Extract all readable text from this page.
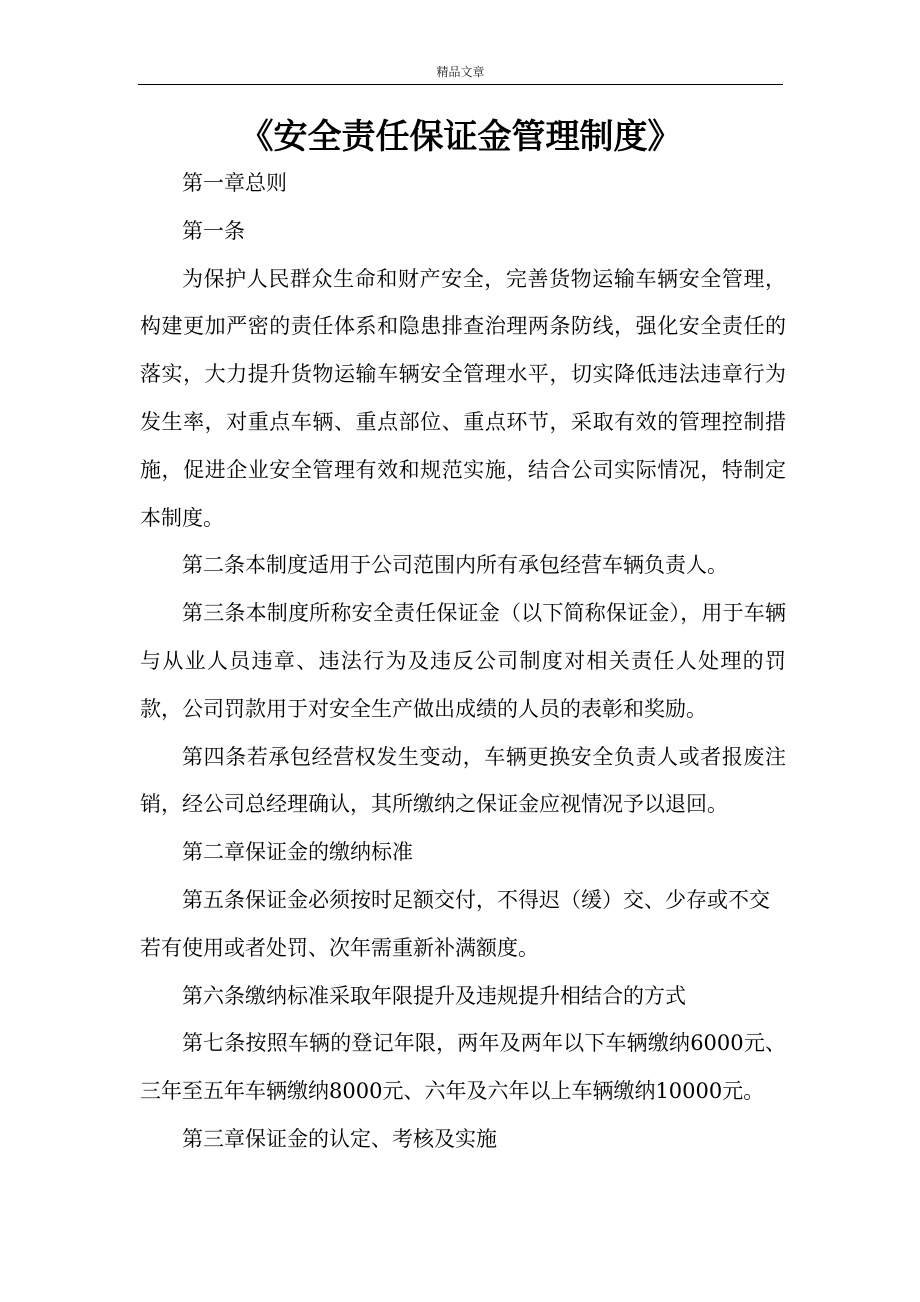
精品文章
《安全责任保证金管理制度》

第一章总则

第一条

为保护人民群众生命和财产安全，完善货物运输车辆安全管理，构建更加严密的责任体系和隐患排查治理两条防线，强化安全责任的落实，大力提升货物运输车辆安全管理水平，切实降低违法违章行为发生率，对重点车辆、重点部位、重点环节，采取有效的管理控制措施，促进企业安全管理有效和规范实施，结合公司实际情况，特制定本制度。

第二条本制度适用于公司范围内所有承包经营车辆负责人。

第三条本制度所称安全责任保证金（以下简称保证金），用于车辆与从业人员违章、违法行为及违反公司制度对相关责任人处理的罚款，公司罚款用于对安全生产做出成绩的人员的表彰和奖励。

第四条若承包经营权发生变动，车辆更换安全负责人或者报废注销，经公司总经理确认，其所缴纳之保证金应视情况予以退回。

第二章保证金的缴纳标准

第五条保证金必须按时足额交付，不得迟（缓）交、少存或不交

若有使用或者处罚、次年需重新补满额度。

第六条缴纳标准采取年限提升及违规提升相结合的方式

第七条按照车辆的登记年限，两年及两年以下车辆缴纳6000元、三年至五年车辆缴纳8000元、六年及六年以上车辆缴纳10000元。

第三章保证金的认定、考核及实施
